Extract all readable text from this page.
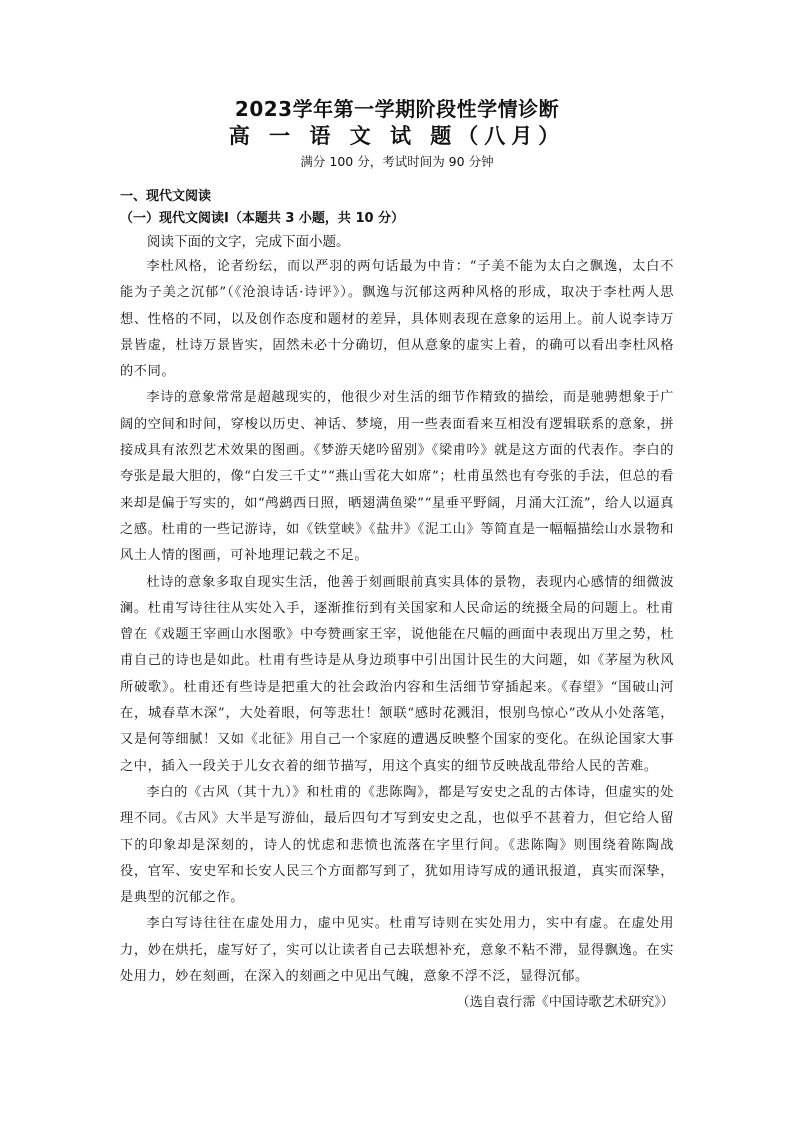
2023学年第一学期阶段性学情诊断
高 一 语 文 试 题（八月）

满分 100 分，考试时间为 90 分钟

一、现代文阅读

（一）现代文阅读Ⅰ（本题共 3 小题，共 10 分）

阅读下面的文字，完成下面小题。

李杜风格，论者纷纭，而以严羽的两句话最为中肯：“子美不能为太白之飘逸，太白不能为子美之沉郁”（《沧浪诗话·诗评》）。飘逸与沉郁这两种风格的形成，取决于李杜两人思想、性格的不同，以及创作态度和题材的差异，具体则表现在意象的运用上。前人说李诗万景皆虚，杜诗万景皆实，固然未必十分确切，但从意象的虚实上着，的确可以看出李杜风格的不同。

李诗的意象常常是超越现实的，他很少对生活的细节作精致的描绘，而是驰骋想象于广阔的空间和时间，穿梭以历史、神话、梦境，用一些表面看来互相没有逻辑联系的意象，拼接成具有浓烈艺术效果的图画。《梦游天姥吟留别》《梁甫吟》就是这方面的代表作。李白的夸张是最大胆的，像“白发三千丈”“燕山雪花大如席”；杜甫虽然也有夸张的手法，但总的看来却是偏于写实的，如“鸬鹚西日照，晒翅满鱼梁”“星垂平野阔，月涌大江流”，给人以逼真之感。杜甫的一些记游诗，如《铁堂峡》《盐井》《泥工山》等简直是一幅幅描绘山水景物和风土人情的图画，可补地理记载之不足。

杜诗的意象多取自现实生活，他善于刻画眼前真实具体的景物，表现内心感情的细微波澜。杜甫写诗往往从实处入手，逐渐推衍到有关国家和人民命运的统摄全局的问题上。杜甫曾在《戏题王宰画山水图歌》中夸赞画家王宰，说他能在尺幅的画面中表现出万里之势，杜甫自己的诗也是如此。杜甫有些诗是从身边琐事中引出国计民生的大问题，如《茅屋为秋风所破歌》。杜甫还有些诗是把重大的社会政治内容和生活细节穿插起来。《春望》“国破山河在，城春草木深”，大处着眼，何等悲壮！颔联“感时花溅泪，恨别鸟惊心”改从小处落笔，又是何等细腻！又如《北征》用自己一个家庭的遭遇反映整个国家的变化。在纵论国家大事之中，插入一段关于儿女衣着的细节描写，用这个真实的细节反映战乱带给人民的苦难。

李白的《古风（其十九）》和杜甫的《悲陈陶》，都是写安史之乱的古体诗，但虚实的处理不同。《古风》大半是写游仙，最后四句才写到安史之乱，也似乎不甚着力，但它给人留下的印象却是深刻的，诗人的忧虑和悲愤也流落在字里行间。《悲陈陶》则围绕着陈陶战役，官军、安史军和长安人民三个方面都写到了，犹如用诗写成的通讯报道，真实而深挚，是典型的沉郁之作。

李白写诗往往在虚处用力，虚中见实。杜甫写诗则在实处用力，实中有虚。在虚处用力，妙在烘托，虚写好了，实可以让读者自己去联想补充，意象不粘不滞，显得飘逸。在实处用力，妙在刻画，在深入的刻画之中见出气魄，意象不浮不泛，显得沉郁。

（选自袁行霈《中国诗歌艺术研究》）
